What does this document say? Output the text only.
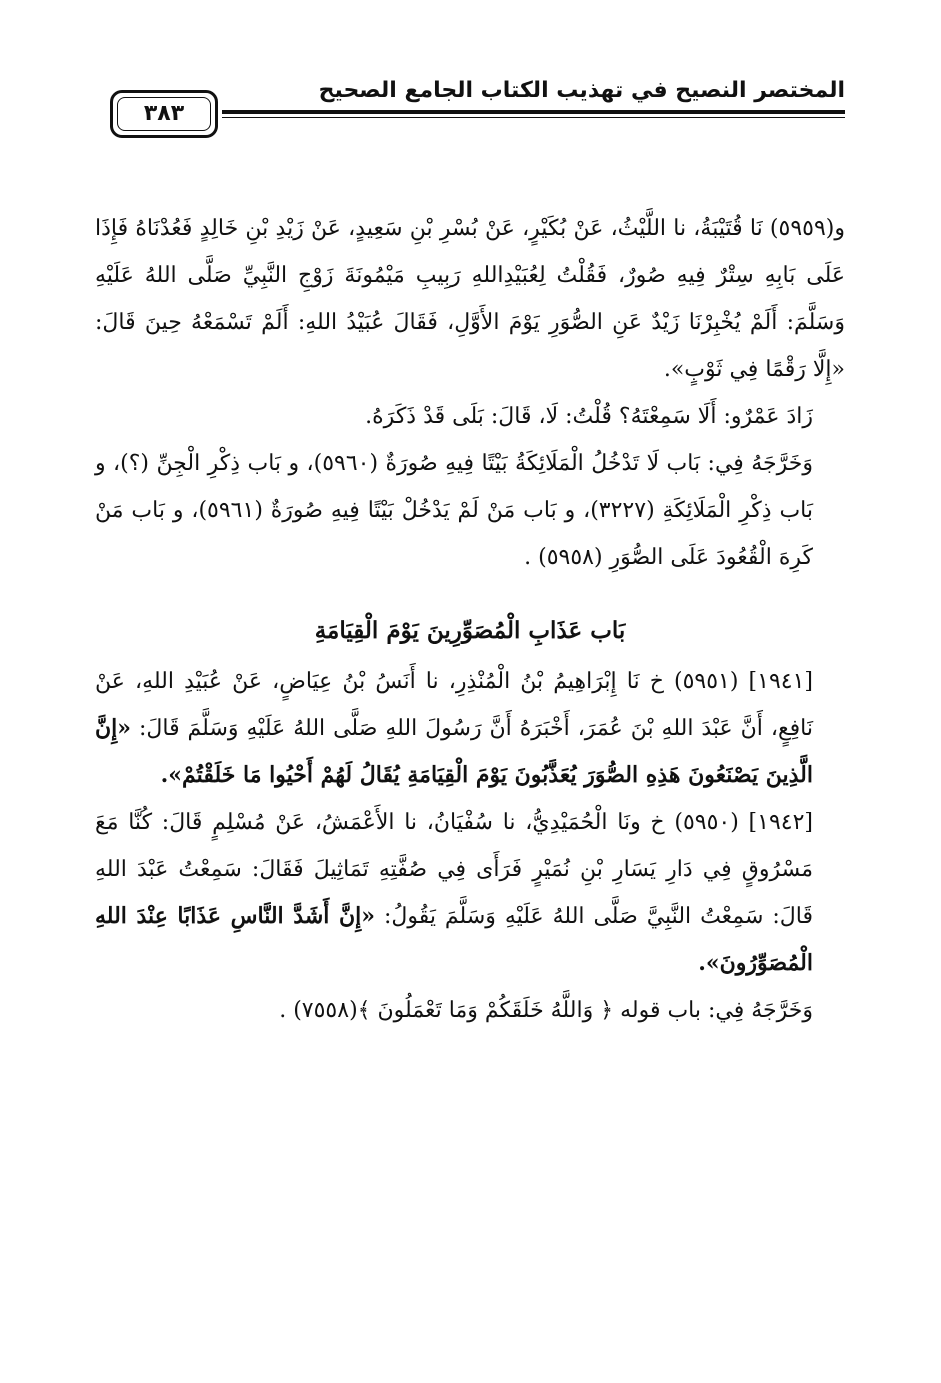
المختصر النصيح في تهذيب الكتاب الجامع الصحيح
٣٨٣

و(٥٩٥٩) نَا قُتَيْبَةُ، نا اللَّيْثُ، عَنْ بُكَيْرٍ، عَنْ بُسْرِ بْنِ سَعِيدٍ، عَنْ زَيْدِ بْنِ خَالِدٍ فَعُدْنَاهُ فَإِذَا عَلَى بَابِهِ سِتْرٌ فِيهِ صُورٌ، فَقُلْتُ لِعُبَيْدِاللهِ رَبِيبِ مَيْمُونَةَ زَوْجِ النَّبِيِّ صَلَّى اللهُ عَلَيْهِ وَسَلَّمَ: أَلَمْ يُخْبِرْنَا زَيْدٌ عَنِ الصُّوَرِ يَوْمَ الأَوَّلِ، فَقَالَ عُبَيْدُ اللهِ: أَلَمْ تَسْمَعْهُ حِينَ قَالَ: «إِلَّا رَقْمًا فِي ثَوْبٍ».

زَادَ عَمْرٌو: أَلَا سَمِعْتَهُ؟ قُلْتُ: لَا، قَالَ: بَلَى قَدْ ذَكَرَهُ.

وَخَرَّجَهُ فِي: بَاب لَا تَدْخُلُ الْمَلَائِكَةُ بَيْتًا فِيهِ صُورَةٌ (٥٩٦٠)، و بَاب ذِكْرِ الْجِنِّ (؟)، و بَاب ذِكْرِ الْمَلَائِكَةِ (٣٢٢٧)، و بَاب مَنْ لَمْ يَدْخُلْ بَيْتًا فِيهِ صُورَةٌ (٥٩٦١)، و بَاب مَنْ كَرِهَ الْقُعُودَ عَلَى الصُّوَرِ (٥٩٥٨) .

بَاب عَذَابِ الْمُصَوِّرِينَ يَوْمَ الْقِيَامَةِ

[١٩٤١] (٥٩٥١) خ نَا إِبْرَاهِيمُ بْنُ الْمُنْذِرِ، نا أَنَسُ بْنُ عِيَاضٍ، عَنْ عُبَيْدِ اللهِ، عَنْ نَافِعٍ، أَنَّ عَبْدَ اللهِ بْنَ عُمَرَ، أَخْبَرَهُ أَنَّ رَسُولَ اللهِ صَلَّى اللهُ عَلَيْهِ وَسَلَّمَ قَالَ: «إِنَّ الَّذِينَ يَصْنَعُونَ هَذِهِ الصُّوَرَ يُعَذَّبُونَ يَوْمَ الْقِيَامَةِ يُقَالُ لَهُمْ أَحْيُوا مَا خَلَقْتُمْ».

[١٩٤٢] (٥٩٥٠) خ ونَا الْحُمَيْدِيُّ، نا سُفْيَانُ، نا الأَعْمَشُ، عَنْ مُسْلِمٍ قَالَ: كُنَّا مَعَ مَسْرُوقٍ فِي دَارِ يَسَارِ بْنِ نُمَيْرٍ فَرَأَى فِي صُفَّتِهِ تَمَاثِيلَ فَقَالَ: سَمِعْتُ عَبْدَ اللهِ قَالَ: سَمِعْتُ النَّبِيَّ صَلَّى اللهُ عَلَيْهِ وَسَلَّمَ يَقُولُ: «إِنَّ أَشَدَّ النَّاسِ عَذَابًا عِنْدَ اللهِ الْمُصَوِّرُونَ».

وَخَرَّجَهُ فِي: باب قوله ﴿ وَاللَّهُ خَلَقَكُمْ وَمَا تَعْمَلُونَ ﴾(٧٥٥٨) .
